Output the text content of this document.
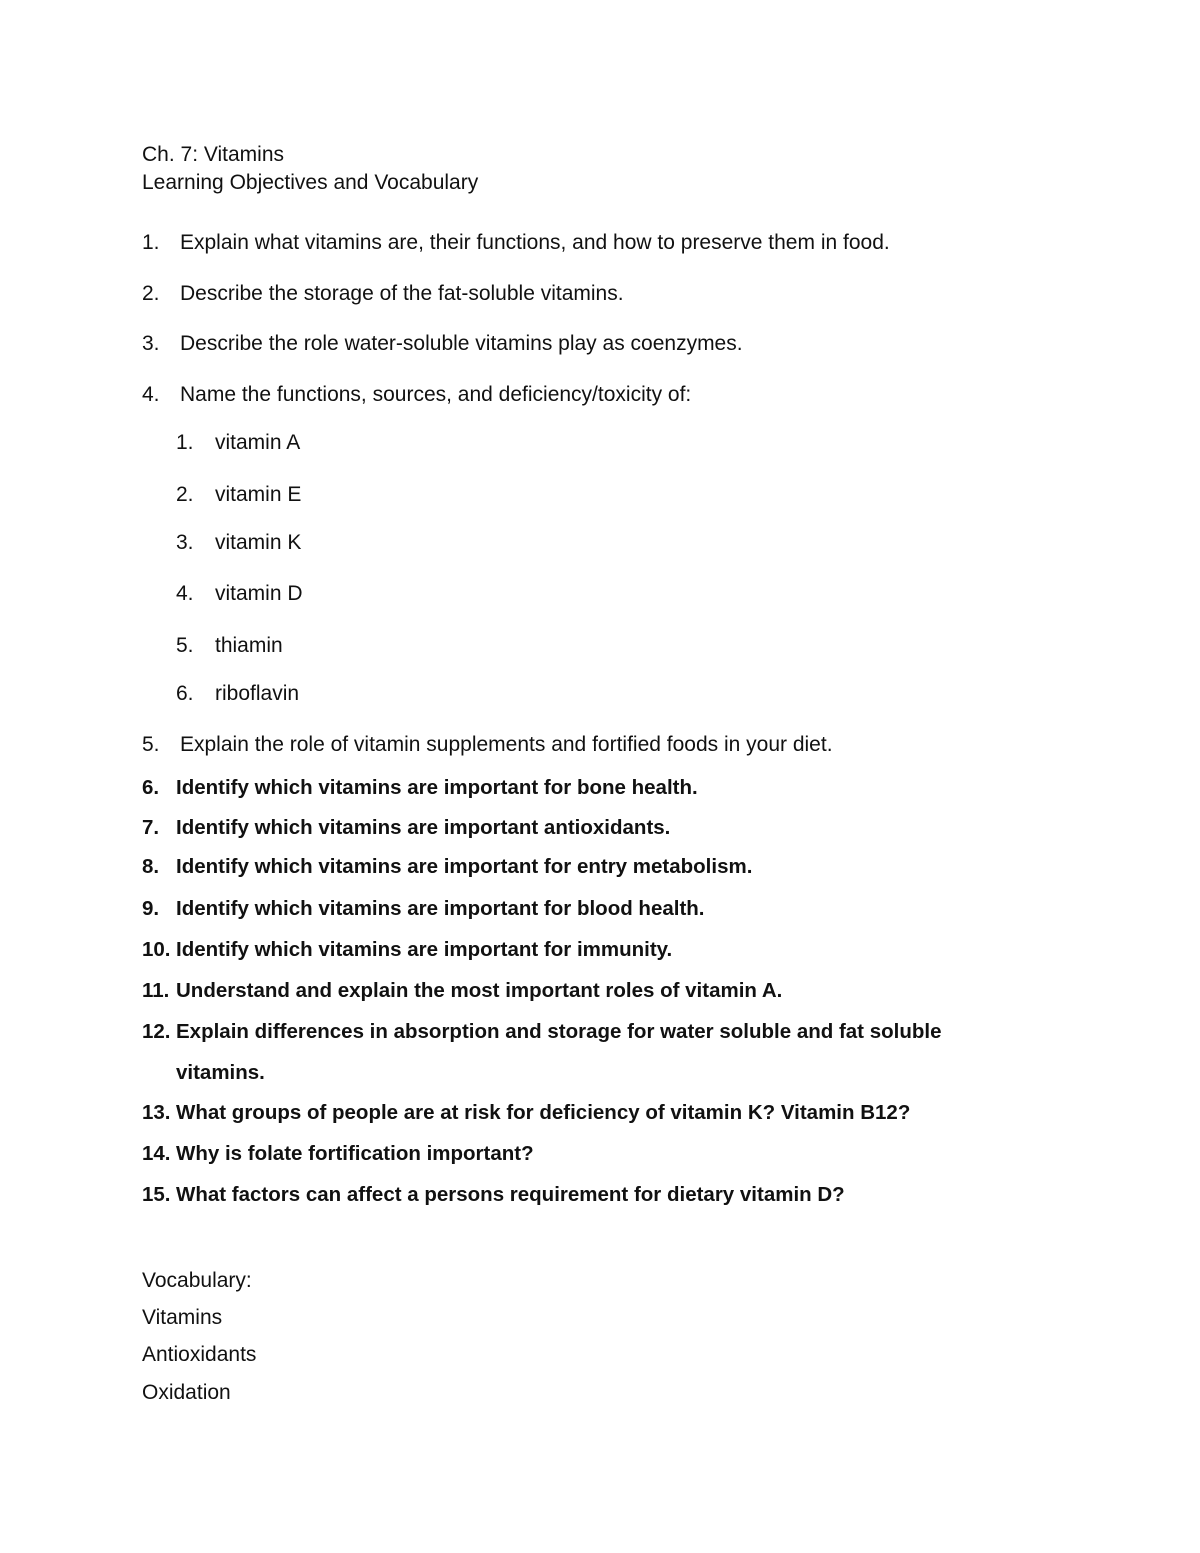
Ch. 7: Vitamins
Learning Objectives and Vocabulary
1. Explain what vitamins are, their functions, and how to preserve them in food.
2. Describe the storage of the fat-soluble vitamins.
3. Describe the role water-soluble vitamins play as coenzymes.
4. Name the functions, sources, and deficiency/toxicity of:
1. vitamin A
2. vitamin E
3. vitamin K
4. vitamin D
5. thiamin
6. riboflavin
5. Explain the role of vitamin supplements and fortified foods in your diet.
6. Identify which vitamins are important for bone health.
7. Identify which vitamins are important antioxidants.
8. Identify which vitamins are important for entry metabolism.
9. Identify which vitamins are important for blood health.
10. Identify which vitamins are important for immunity.
11. Understand and explain the most important roles of vitamin A.
12. Explain differences in absorption and storage for water soluble and fat soluble
vitamins.
13. What groups of people are at risk for deficiency of vitamin K? Vitamin B12?
14. Why is folate fortification important?
15. What factors can affect a persons requirement for dietary vitamin D?
Vocabulary:
Vitamins
Antioxidants
Oxidation
